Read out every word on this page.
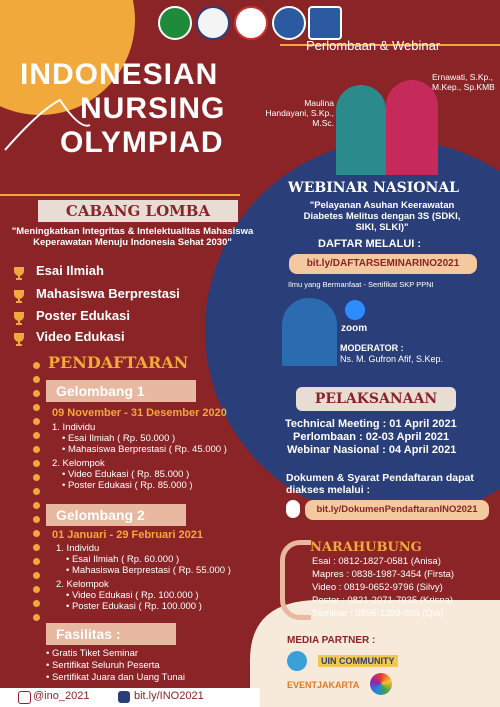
Perlombaan & Webinar
INDONESIAN
NURSING
OLYMPIAD
Maulina Handayani, S.Kp., M.Sc.
Ernawati, S.Kp., M.Kep., Sp.KMB
WEBINAR NASIONAL
"Pelayanan Asuhan Keerawatan Diabetes Melitus dengan 3S (SDKI, SIKI, SLKI)"
DAFTAR MELALUI :
bit.ly/DAFTARSEMINARINO2021
Ilmu yang Bermanfaat - Sertifikat SKP PPNI
zoom
MODERATOR :
Ns. M. Gufron Afif, S.Kep.
CABANG LOMBA
"Meningkatkan Integritas & Intelektualitas Mahasiswa Keperawatan Menuju Indonesia Sehat 2030"
Esai Ilmiah
Mahasiswa Berprestasi
Poster Edukasi
Video Edukasi
PENDAFTARAN
Gelombang 1
09 November - 31 Desember 2020
1. Individu
• Esai Ilmiah ( Rp. 50.000 )
• Mahasiswa Berprestasi ( Rp. 45.000 )
2. Kelompok
• Video Edukasi ( Rp. 85.000 )
• Poster Edukasi ( Rp. 85.000 )
Gelombang 2
01 Januari - 29 Februari 2021
1. Individu
• Esai Ilmiah ( Rp. 60.000 )
• Mahasiswa Berprestasi ( Rp. 55.000 )
2. Kelompok
• Video Edukasi ( Rp. 100.000 )
• Poster Edukasi ( Rp. 100.000 )
Fasilitas :
• Gratis Tiket Seminar
• Sertifikat Seluruh Peserta
• Sertifikat Juara dan Uang Tunai
PELAKSANAAN
Technical Meeting : 01 April 2021
Perlombaan : 02-03 April 2021
Webinar Nasional : 04 April 2021
Dokumen & Syarat Pendaftaran dapat diakses melalui :
bit.ly/DokumenPendaftaranINO2021
NARAHUBUNG
Esai : 0812-1827-0581 (Anisa)
Mapres : 0838-1987-3454 (Firsta)
Video : 0819-0652-9796 (Silvy)
Poster : 0821-2071-7935 (Krisna)
Seminar : 0856-1399-695 (Qia)
MEDIA PARTNER :
UIN COMMUNITY
EVENTJAKARTA
@ino_2021	bit.ly/INO2021
